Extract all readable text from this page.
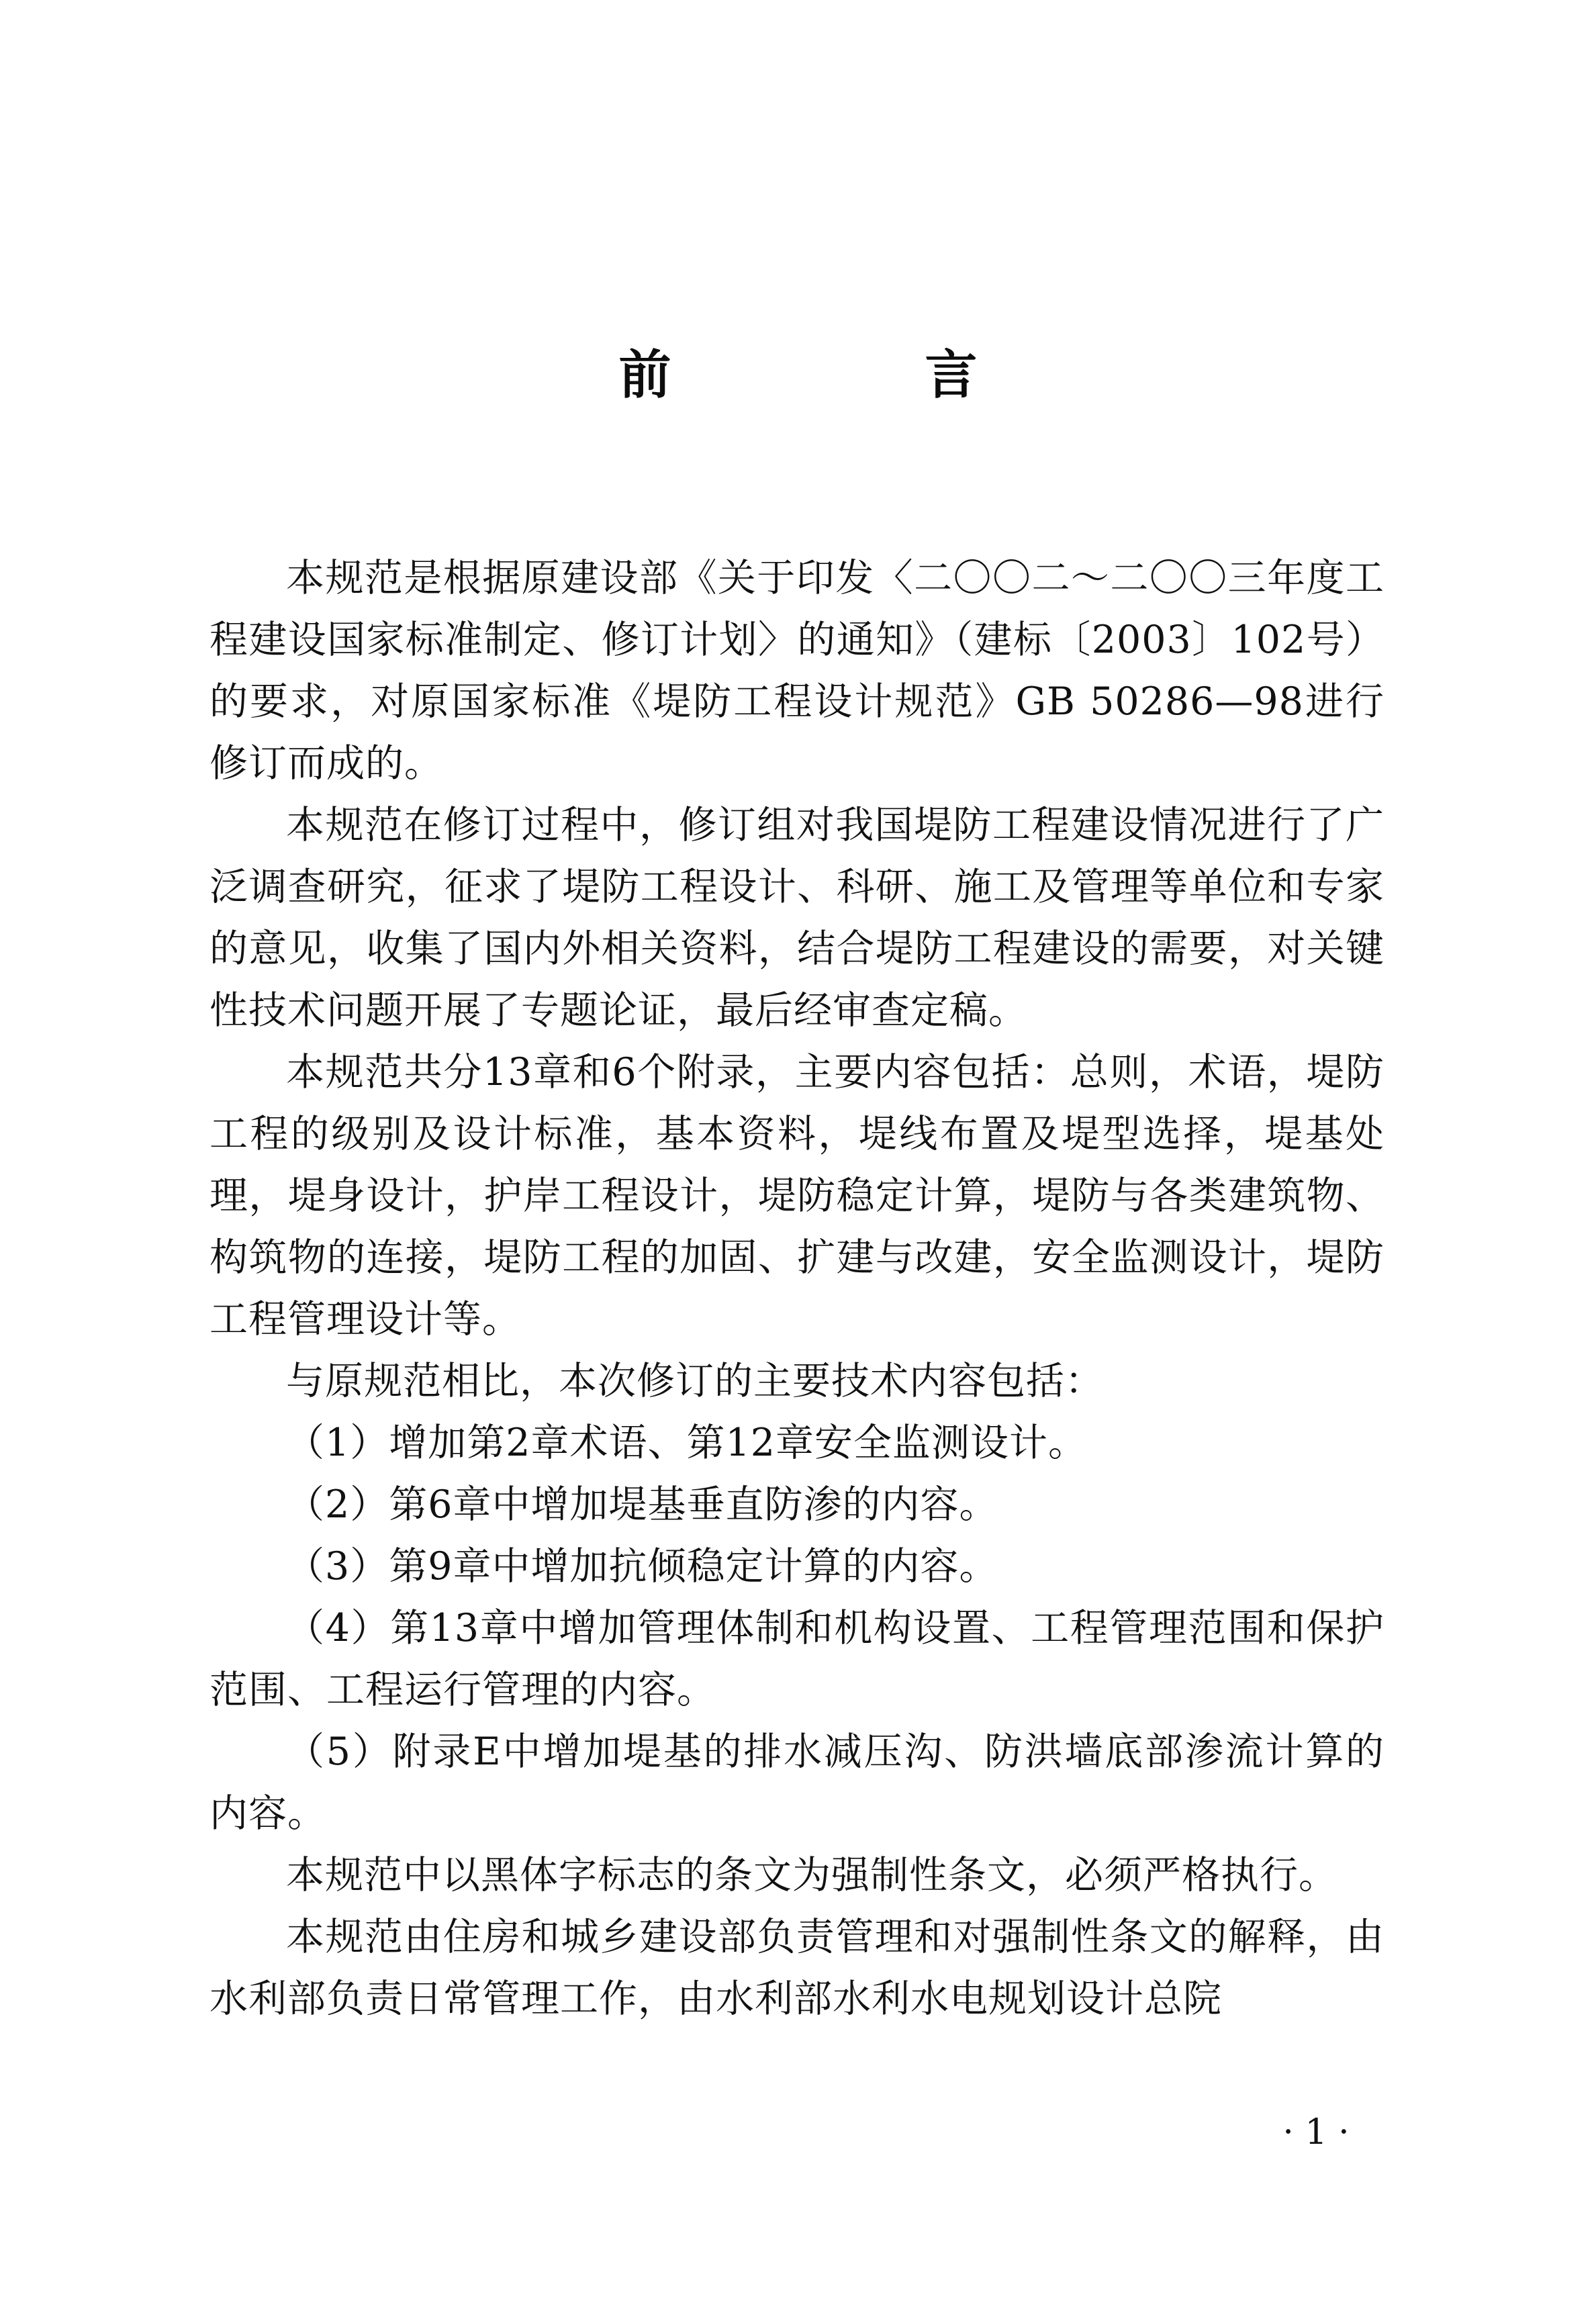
前　言

本规范是根据原建设部《关于印发〈二〇〇二～二〇〇三年度工程建设国家标准制定、修订计划〉的通知》（建标〔2003〕102号）的要求，对原国家标准《堤防工程设计规范》GB 50286—98进行修订而成的。

本规范在修订过程中，修订组对我国堤防工程建设情况进行了广泛调查研究，征求了堤防工程设计、科研、施工及管理等单位和专家的意见，收集了国内外相关资料，结合堤防工程建设的需要，对关键性技术问题开展了专题论证，最后经审查定稿。

本规范共分13章和6个附录，主要内容包括：总则，术语，堤防工程的级别及设计标准，基本资料，堤线布置及堤型选择，堤基处理，堤身设计，护岸工程设计，堤防稳定计算，堤防与各类建筑物、构筑物的连接，堤防工程的加固、扩建与改建，安全监测设计，堤防工程管理设计等。

与原规范相比，本次修订的主要技术内容包括：

（1）增加第2章术语、第12章安全监测设计。

（2）第6章中增加堤基垂直防渗的内容。

（3）第9章中增加抗倾稳定计算的内容。

（4）第13章中增加管理体制和机构设置、工程管理范围和保护范围、工程运行管理的内容。

（5）附录E中增加堤基的排水减压沟、防洪墙底部渗流计算的内容。

本规范中以黑体字标志的条文为强制性条文，必须严格执行。

本规范由住房和城乡建设部负责管理和对强制性条文的解释，由水利部负责日常管理工作，由水利部水利水电规划设计总院

· 1 ·
